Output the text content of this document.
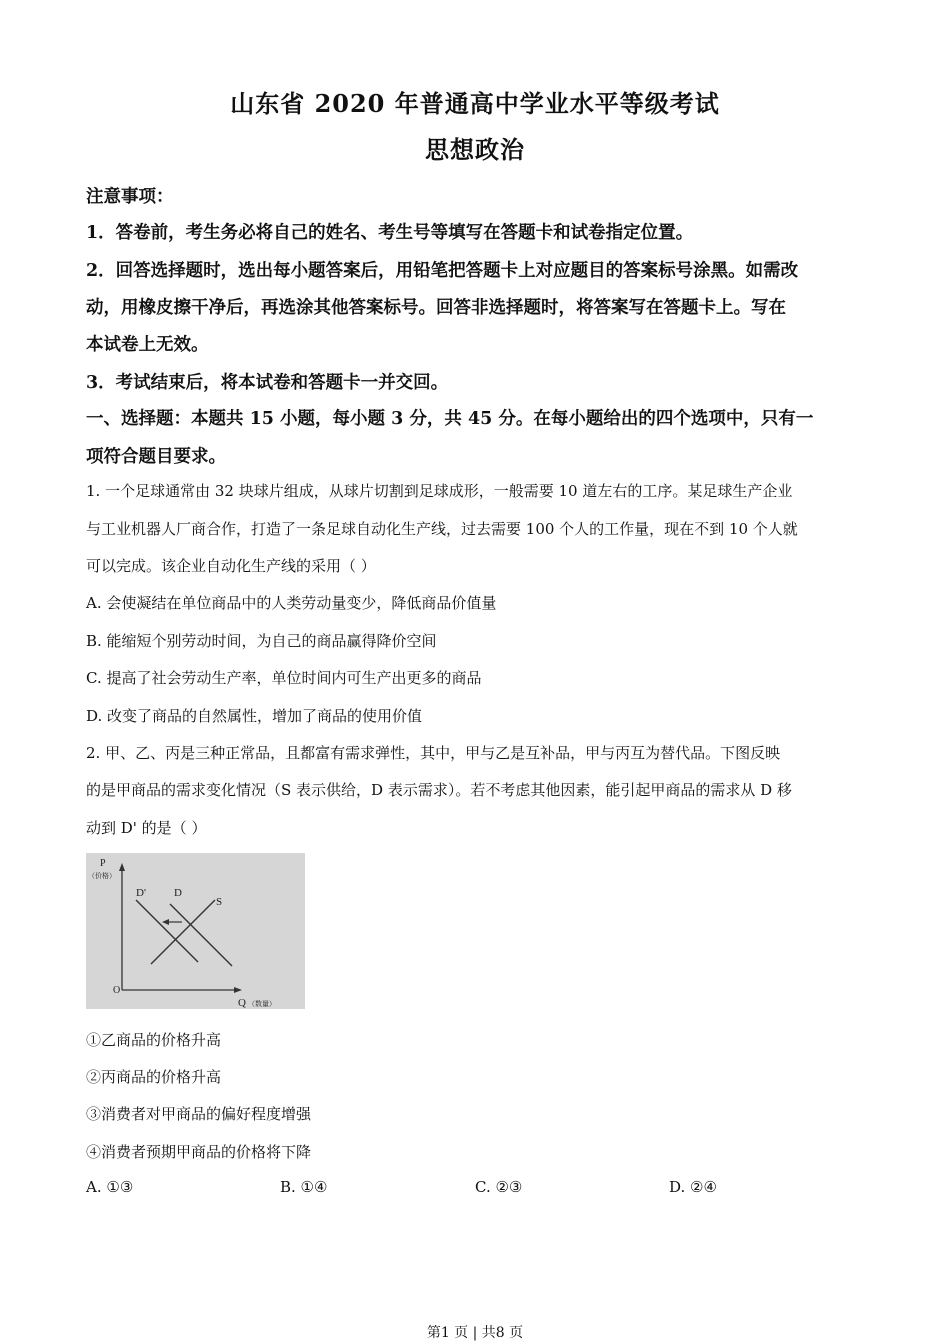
山东省 2020 年普通高中学业水平等级考试
思想政治
注意事项：
1．答卷前，考生务必将自己的姓名、考生号等填写在答题卡和试卷指定位置。
2．回答选择题时，选出每小题答案后，用铅笔把答题卡上对应题目的答案标号涂黑。如需改
动，用橡皮擦干净后，再选涂其他答案标号。回答非选择题时，将答案写在答题卡上。写在
本试卷上无效。
3．考试结束后，将本试卷和答题卡一并交回。
一、选择题：本题共 15 小题，每小题 3 分，共 45 分。在每小题给出的四个选项中，只有一
项符合题目要求。
1. 一个足球通常由 32 块球片组成，从球片切割到足球成形，一般需要 10 道左右的工序。某足球生产企业
与工业机器人厂商合作，打造了一条足球自动化生产线，过去需要 100 个人的工作量，现在不到 10 个人就
可以完成。该企业自动化生产线的采用（ ）
A. 会使凝结在单位商品中的人类劳动量变少，降低商品价值量
B. 能缩短个别劳动时间，为自己的商品赢得降价空间
C. 提高了社会劳动生产率，单位时间内可生产出更多的商品
D. 改变了商品的自然属性，增加了商品的使用价值
2. 甲、乙、丙是三种正常品，且都富有需求弹性，其中，甲与乙是互补品，甲与丙互为替代品。下图反映
的是甲商品的需求变化情况（S 表示供给，D 表示需求）。若不考虑其他因素，能引起甲商品的需求从 D 移
动到 D' 的是（ ）
P
（价格）
D'	D
S
O
Q （数量）
①乙商品的价格升高
②丙商品的价格升高
③消费者对甲商品的偏好程度增强
④消费者预期甲商品的价格将下降
A. ①③	B. ①④	C. ②③	D. ②④
第1 页 | 共8 页
